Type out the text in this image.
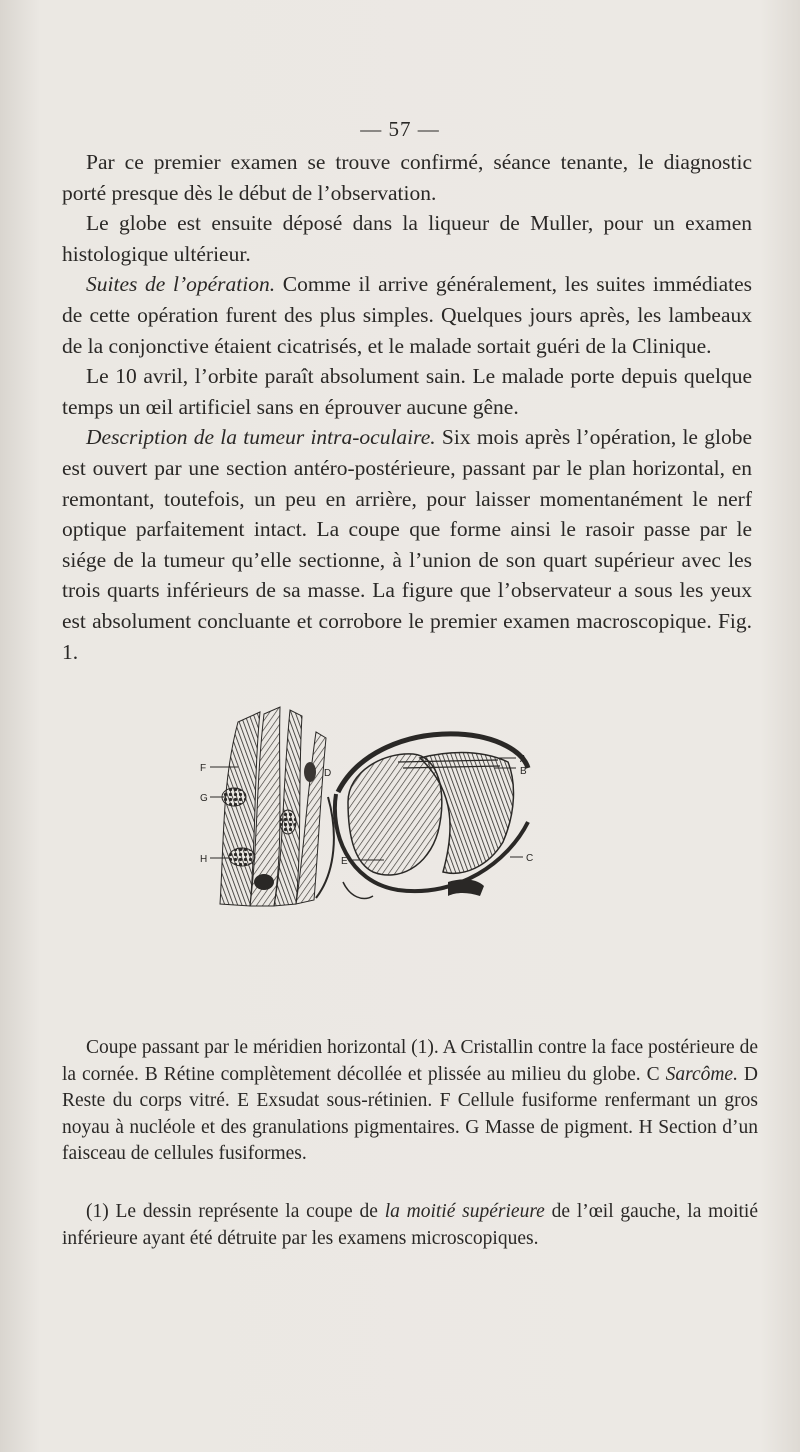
— 57 —

Par ce premier examen se trouve confirmé, séance tenante, le diagnostic porté presque dès le début de l’observation.

Le globe est ensuite déposé dans la liqueur de Muller, pour un examen histologique ultérieur.

Suites de l’opération. Comme il arrive généralement, les suites immédiates de cette opération furent des plus simples. Quelques jours après, les lambeaux de la conjonctive étaient cicatrisés, et le malade sortait guéri de la Clinique.

Le 10 avril, l’orbite paraît absolument sain. Le malade porte depuis quelque temps un œil artificiel sans en éprouver aucune gêne.

Description de la tumeur intra-oculaire. Six mois après l’opération, le globe est ouvert par une section antéro-postérieure, passant par le plan horizontal, en remontant, toutefois, un peu en arrière, pour laisser momentanément le nerf optique parfaitement intact. La coupe que forme ainsi le rasoir passe par le siége de la tumeur qu’elle sectionne, à l’union de son quart supérieur avec les trois quarts inférieurs de sa masse. La figure que l’observateur a sous les yeux est absolument concluante et corrobore le premier examen macroscopique. Fig. 1.

F
G
H
D
E
A
B
C

Coupe passant par le méridien horizontal (1). A Cristallin contre la face postérieure de la cornée. B Rétine complètement décollée et plissée au milieu du globe. C Sarcôme. D Reste du corps vitré. E Exsudat sous-rétinien. F Cellule fusiforme renfermant un gros noyau à nucléole et des granulations pigmentaires. G Masse de pigment. H Section d’un faisceau de cellules fusiformes.

(1) Le dessin représente la coupe de la moitié supérieure de l’œil gauche, la moitié inférieure ayant été détruite par les examens microscopiques.
